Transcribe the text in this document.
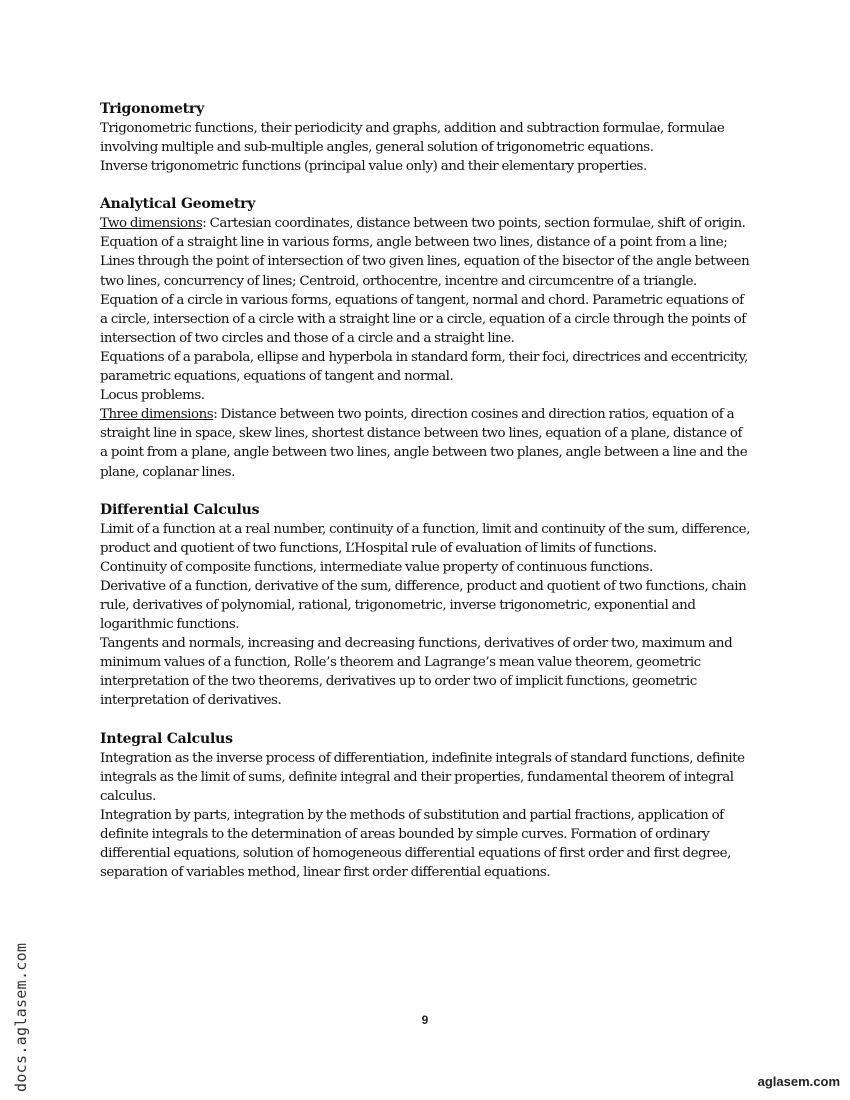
Trigonometry

Trigonometric functions, their periodicity and graphs, addition and subtraction formulae, formulae involving multiple and sub-multiple angles, general solution of trigonometric equations.

Inverse trigonometric functions (principal value only) and their elementary properties.

Analytical Geometry

Two dimensions: Cartesian coordinates, distance between two points, section formulae, shift of origin.

Equation of a straight line in various forms, angle between two lines, distance of a point from a line; Lines through the point of intersection of two given lines, equation of the bisector of the angle between two lines, concurrency of lines; Centroid, orthocentre, incentre and circumcentre of a triangle.

Equation of a circle in various forms, equations of tangent, normal and chord. Parametric equations of a circle, intersection of a circle with a straight line or a circle, equation of a circle through the points of intersection of two circles and those of a circle and a straight line.

Equations of a parabola, ellipse and hyperbola in standard form, their foci, directrices and eccentricity, parametric equations, equations of tangent and normal.

Locus problems.

Three dimensions: Distance between two points, direction cosines and direction ratios, equation of a straight line in space, skew lines, shortest distance between two lines, equation of a plane, distance of a point from a plane, angle between two lines, angle between two planes, angle between a line and the plane, coplanar lines.

Differential Calculus

Limit of a function at a real number, continuity of a function, limit and continuity of the sum, difference, product and quotient of two functions, L’Hospital rule of evaluation of limits of functions.

Continuity of composite functions, intermediate value property of continuous functions.

Derivative of a function, derivative of the sum, difference, product and quotient of two functions, chain rule, derivatives of polynomial, rational, trigonometric, inverse trigonometric, exponential and logarithmic functions.

Tangents and normals, increasing and decreasing functions, derivatives of order two, maximum and minimum values of a function, Rolle’s theorem and Lagrange’s mean value theorem, geometric interpretation of the two theorems, derivatives up to order two of implicit functions, geometric interpretation of derivatives.

Integral Calculus

Integration as the inverse process of differentiation, indefinite integrals of standard functions, definite integrals as the limit of sums, definite integral and their properties, fundamental theorem of integral calculus.

Integration by parts, integration by the methods of substitution and partial fractions, application of definite integrals to the determination of areas bounded by simple curves. Formation of ordinary differential equations, solution of homogeneous differential equations of first order and first degree, separation of variables method, linear first order differential equations.

9
docs.aglasem.com	aglasem.com
